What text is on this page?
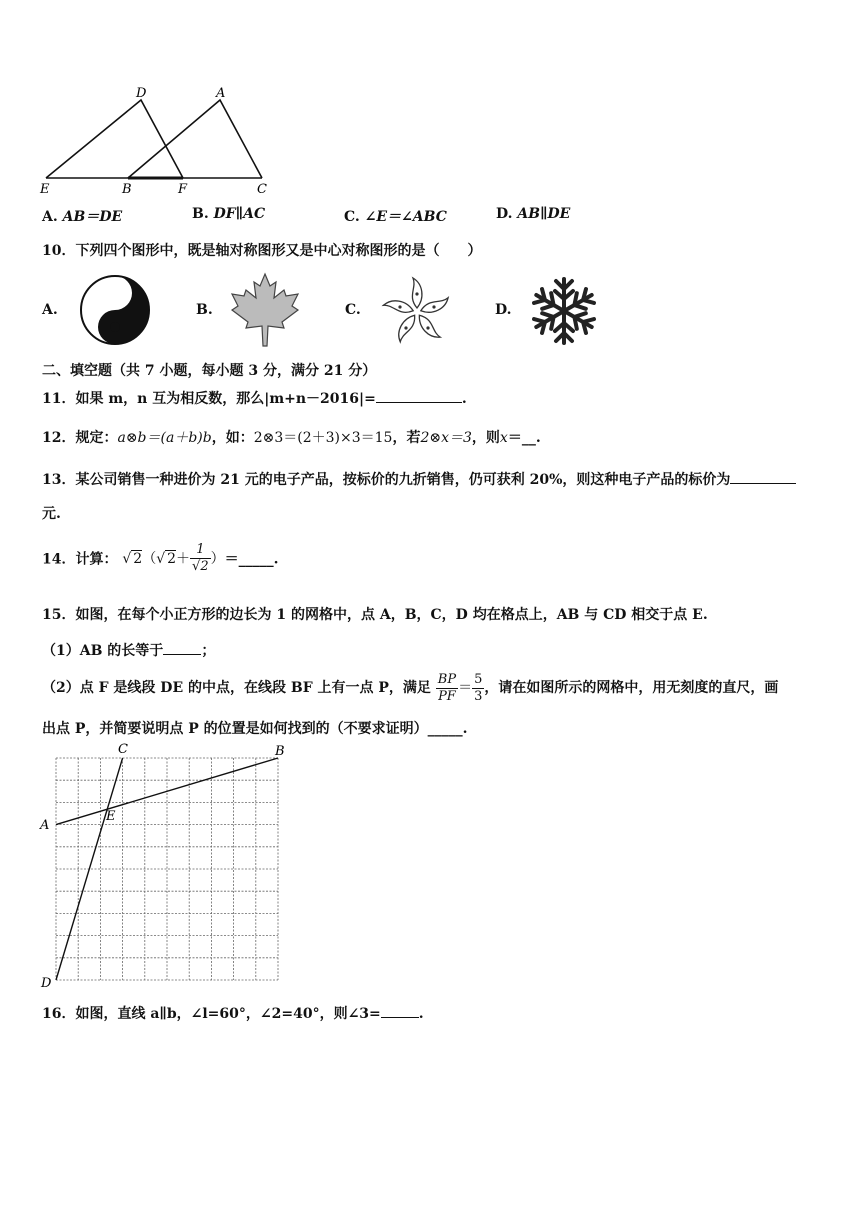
D	A
E	B	F	C
A. AB＝DE	B. DF∥AC	C. ∠E＝∠ABC	D. AB∥DE
10．下列四个图形中，既是轴对称图形又是中心对称图形的是（　　）
A.	B.	C.	D.
二、填空题（共 7 小题，每小题 3 分，满分 21 分）
11．如果 m，n 互为相反数，那么|m+n－2016|=	.
12．规定：a⊗b＝(a＋b)b，如：2⊗3＝(2＋3)×3＝15，若2⊗x＝3，则x＝__.
13．某公司销售一种进价为 21 元的电子产品，按标价的九折销售，仍可获利 20%，则这种电子产品的标价为
元.
14．计算： √ 2（√ $2+ \frac{1}{√2}$ ）＝_____.
15．如图，在每个小正方形的边长为 1 的网格中，点 A，B，C，D 均在格点上，AB 与 CD 相交于点 E.
（1）AB 的长等于	；
（2）点 F 是线段 DE 的中点，在线段 BF 上有一点 P，满足 $\frac{BP}{PF} = \frac{5}{3}$ ，请在如图所示的网格中，用无刻度的直尺，画
出点 P，并简要说明点 P 的位置是如何找到的（不要求证明）_____.
A
B
C
D
E
16．如图，直线 a∥b，∠l=60°，∠2=40°，则∠3=	.
